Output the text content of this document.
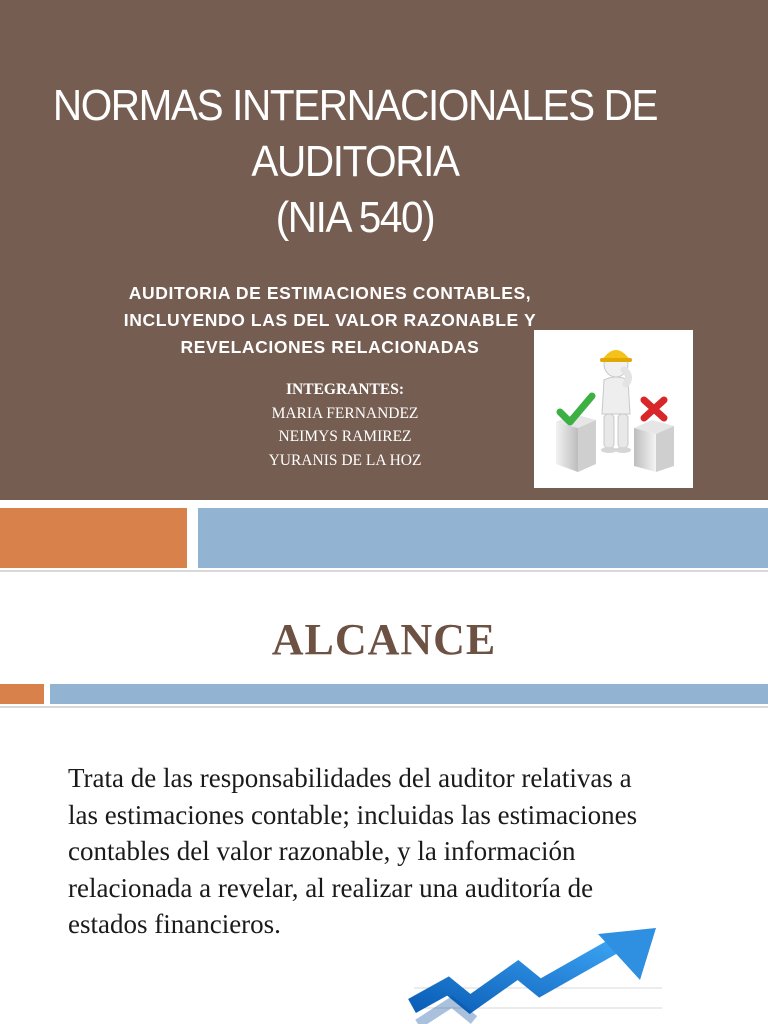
NORMAS INTERNACIONALES DE
AUDITORIA
(NIA 540)
AUDITORIA DE ESTIMACIONES CONTABLES,
INCLUYENDO LAS DEL VALOR RAZONABLE Y
REVELACIONES RELACIONADAS
INTEGRANTES:
MARIA FERNANDEZ
NEIMYS RAMIREZ
YURANIS DE LA HOZ
ALCANCE
Trata de las responsabilidades del auditor relativas a
las estimaciones contable; incluidas las estimaciones
contables del valor razonable, y la información
relacionada a revelar, al realizar una auditoría de
estados financieros.
